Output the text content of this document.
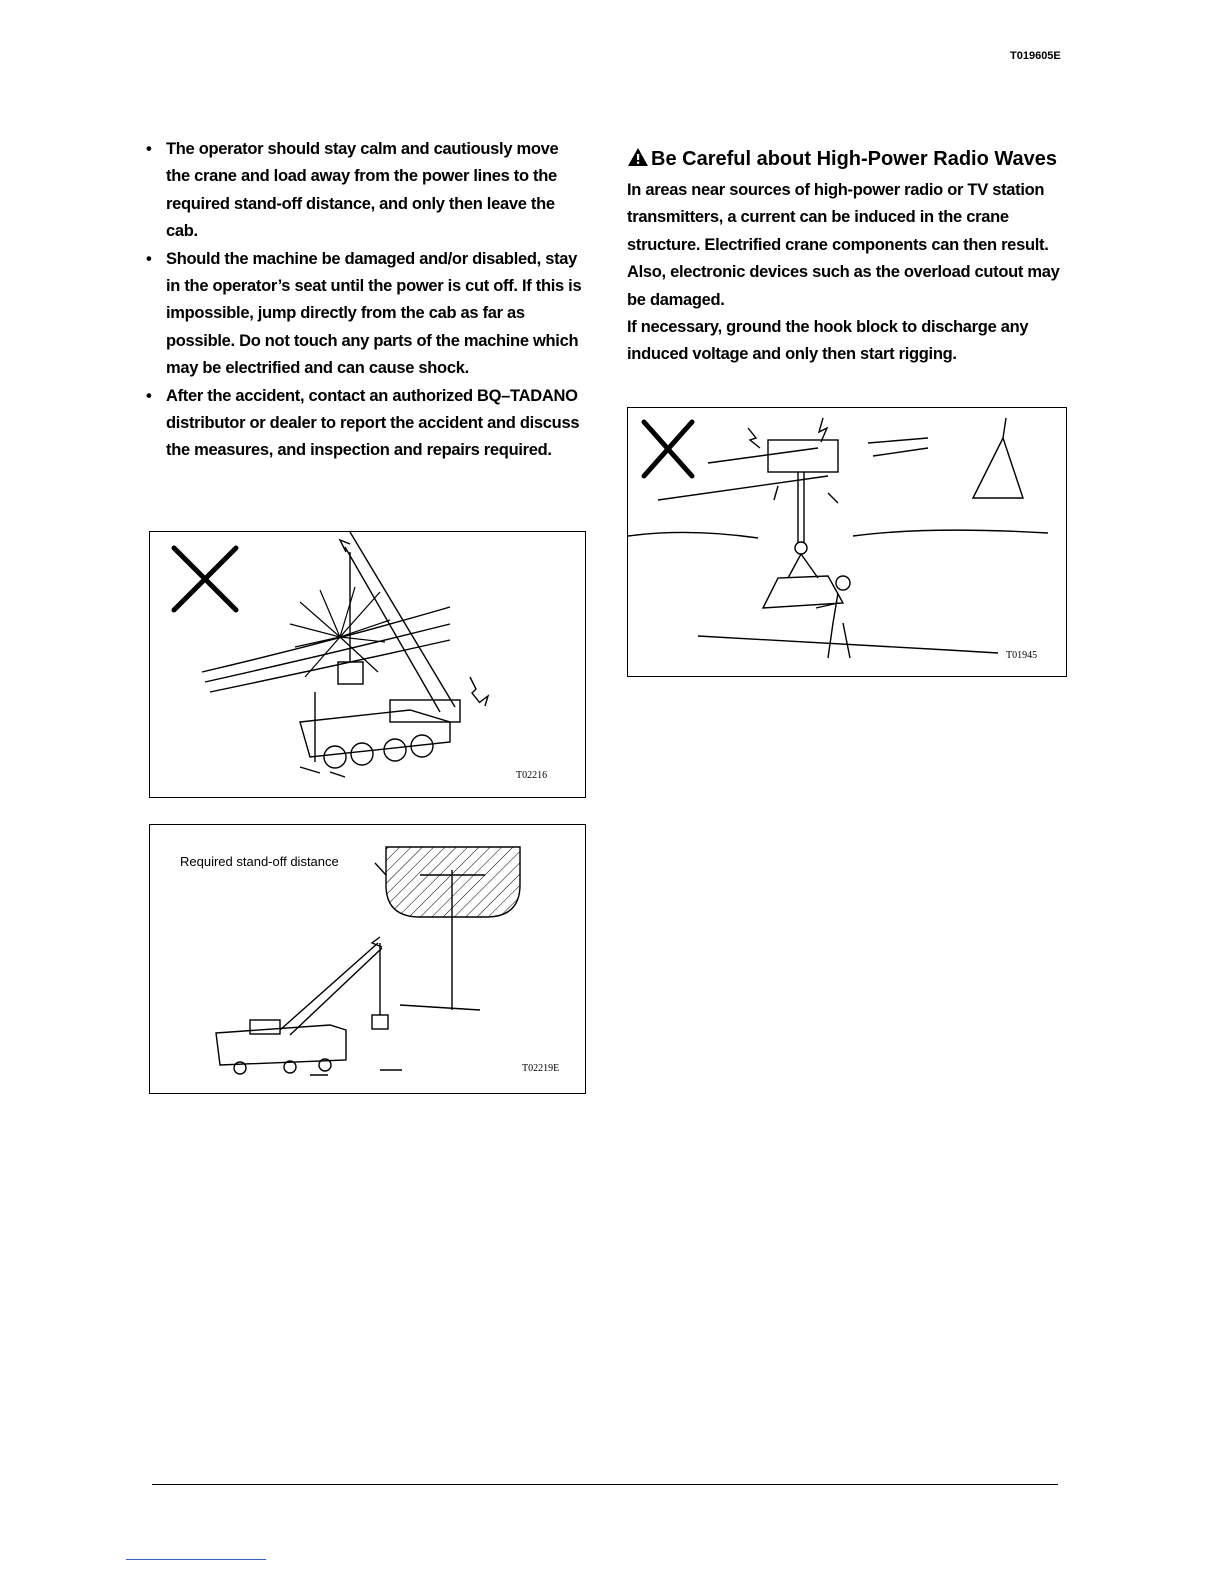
T019605E
• The operator should stay calm and cautiously move the crane and load away from the power lines to the required stand-off distance, and only then leave the cab.
• Should the machine be damaged and/or disabled, stay in the operator’s seat until the power is cut off. If this is impossible, jump directly from the cab as far as possible. Do not touch any parts of the machine which may be electrified and can cause shock.
• After the accident, contact an authorized BQ–TADANO distributor or dealer to report the accident and discuss the measures, and inspection and repairs required.
T02216
Required stand-off distance
T02219E
Be Careful about High-Power Radio Waves

In areas near sources of high-power radio or TV station transmitters, a current can be induced in the crane structure. Electrified crane components can then result. Also, electronic devices such as the overload cutout may be damaged.

If necessary, ground the hook block to discharge any induced voltage and only then start rigging.

T01945
